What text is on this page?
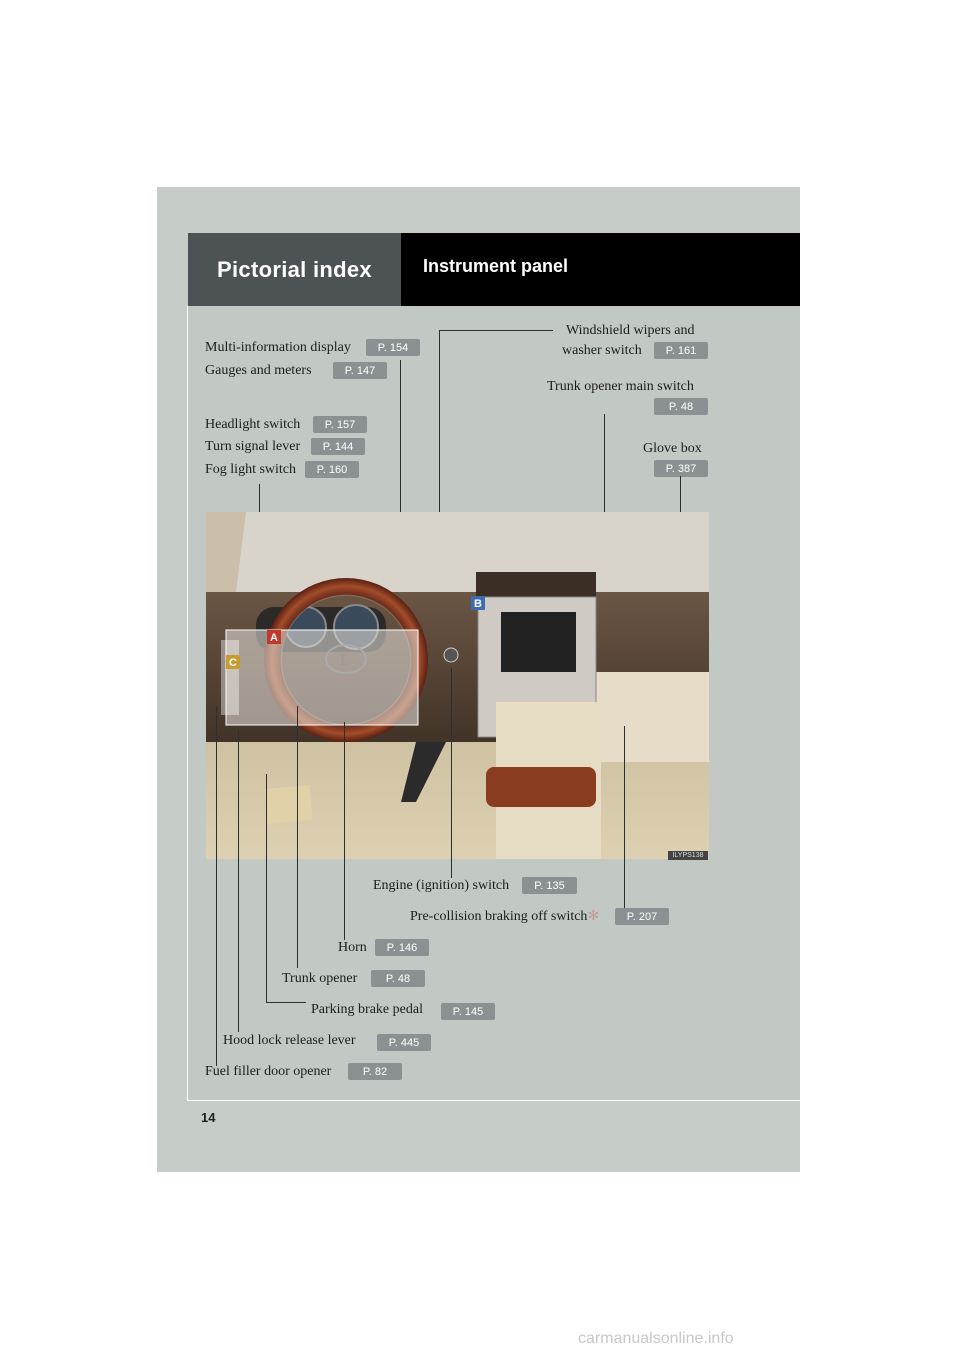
Pictorial index	Instrument panel
Multi-information display	P. 154
Gauges and meters	P. 147
Headlight switch	P. 157
Turn signal lever	P. 144
Fog light switch	P. 160
Windshield wipers and
washer switch	P. 161
Trunk opener main switch
P. 48
Glove box
P. 387
L
B
A
C
ILYPS138
Engine (ignition) switch	P. 135
Pre-collision braking off switch✻	P. 207
Horn	P. 146
Trunk opener	P. 48
Parking brake pedal	P. 145
Hood lock release lever	P. 445
Fuel filler door opener	P. 82
14
carmanualsonline.info
